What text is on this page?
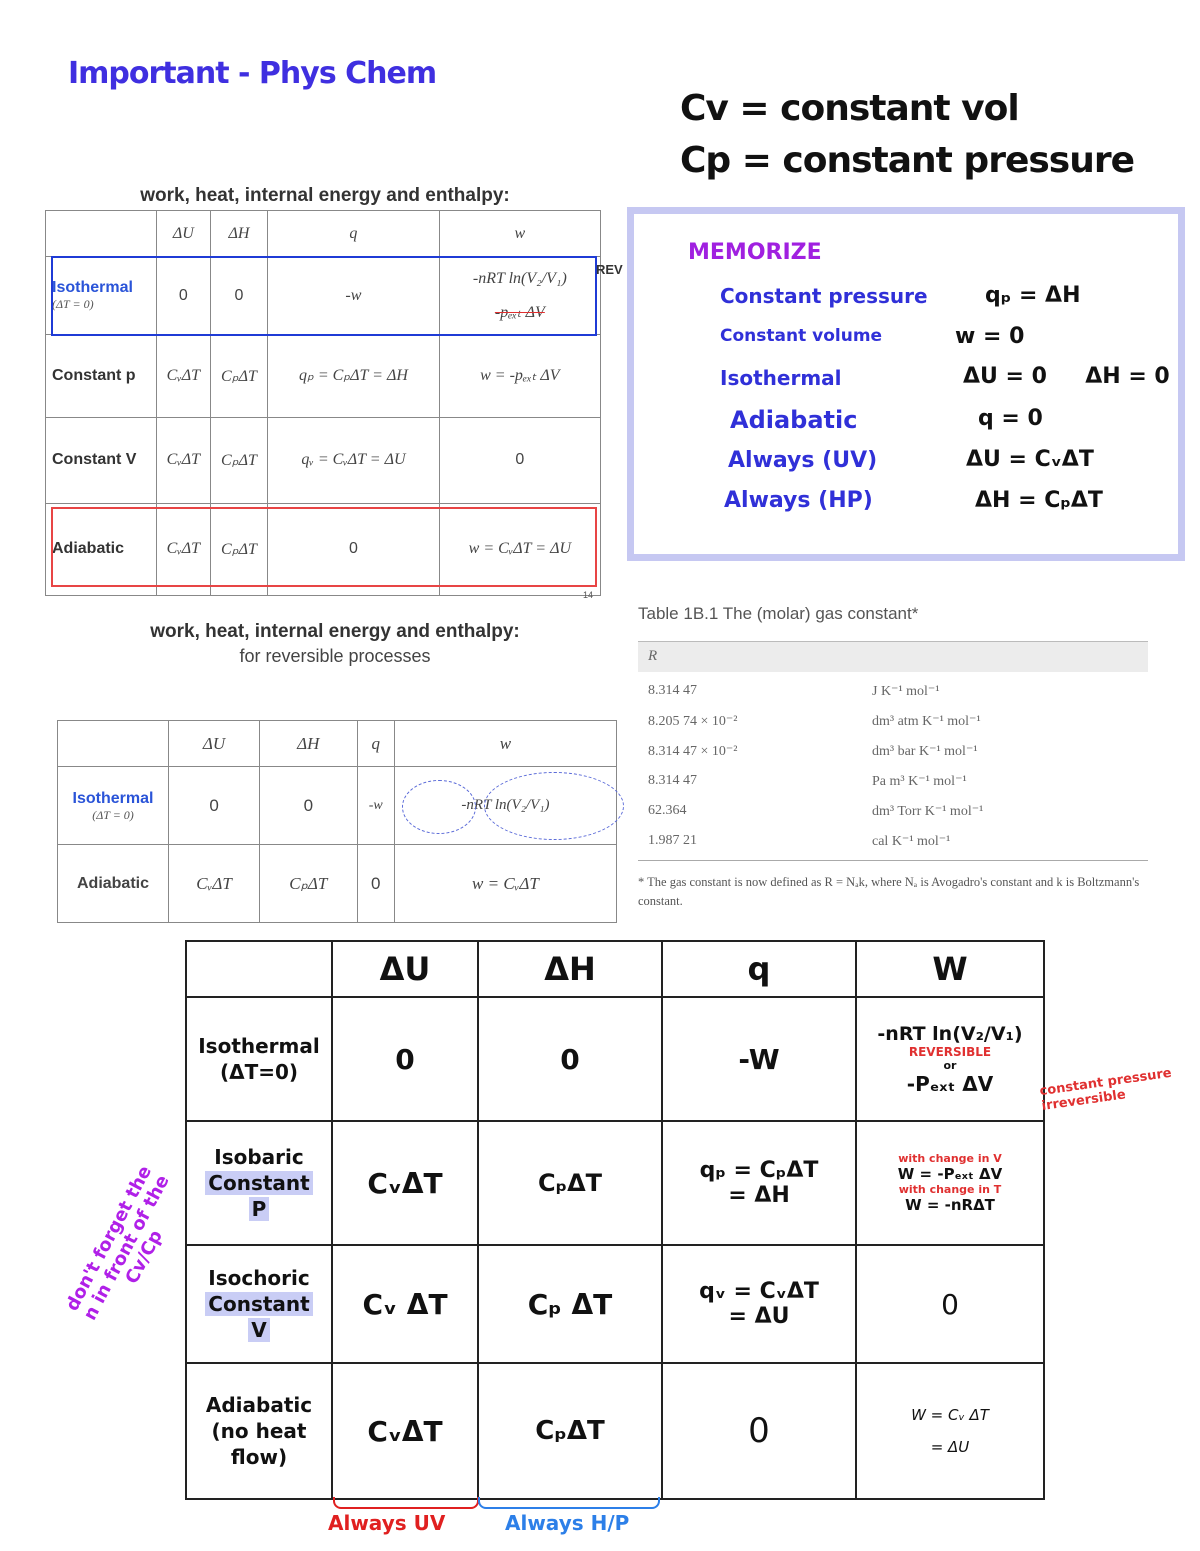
Important - Phys Chem
Cv = constant vol
Cp = constant pressure
work, heat, internal energy and enthalpy:
	ΔU	ΔH	q	w
Isothermal
(ΔT = 0)	0	0	-w	-nRT ln(V₂/V₁)
-pₑₓₜ ΔV

Constant p	CᵥΔT	CₚΔT	qₚ = CₚΔT = ΔH	w = -pₑₓₜ ΔV
Constant V	CᵥΔT	CₚΔT	qᵥ = CᵥΔT = ΔU	0
Adiabatic	CᵥΔT	CₚΔT	0	w = CᵥΔT = ΔU
REV
14
MEMORIZE
Constant pressure	qₚ = ΔH
Constant volume	w = 0
Isothermal	ΔU = 0     ΔH = 0
Adiabatic	q = 0
Always (UV)	ΔU = CᵥΔT
Always (HP)	ΔH = CₚΔT
work, heat, internal energy and enthalpy:
for reversible processes
	ΔU	ΔH	q	w
Isothermal
(ΔT = 0)	0	0	-w	-nRT ln(V₂/V₁)
Adiabatic	CᵥΔT	CₚΔT	0	w = CᵥΔT
Table 1B.1 The (molar) gas constant*
R
8.314 47	J K⁻¹ mol⁻¹
8.205 74 × 10⁻²	dm³ atm K⁻¹ mol⁻¹
8.314 47 × 10⁻²	dm³ bar K⁻¹ mol⁻¹
8.314 47	Pa m³ K⁻¹ mol⁻¹
62.364	dm³ Torr K⁻¹ mol⁻¹
1.987 21	cal K⁻¹ mol⁻¹
* The gas constant is now defined as R = Nₐk, where Nₐ is Avogadro's constant and k is Boltzmann's constant.
	ΔU	ΔH	q	W

Isothermal
(ΔT=0)	0	0	-W	-nRT ln(V₂/V₁)
REVERSIBLE
or
-Pₑₓₜ ΔV

Isobaric
Constant
P	CᵥΔT	CₚΔT	qₚ = CₚΔT
= ΔH	with change in V
W = -Pₑₓₜ ΔV
with change in T
W = -nRΔT

Isochoric
Constant
V	Cᵥ ΔT	Cₚ ΔT	qᵥ = CᵥΔT
= ΔU	0

Adiabatic
(no heat
flow)	CᵥΔT	CₚΔT	0	W = Cᵥ ΔT
= ΔU
constant pressure irreversible
don't forget the n in front of the Cv/Cp
Always UV	Always H/P
